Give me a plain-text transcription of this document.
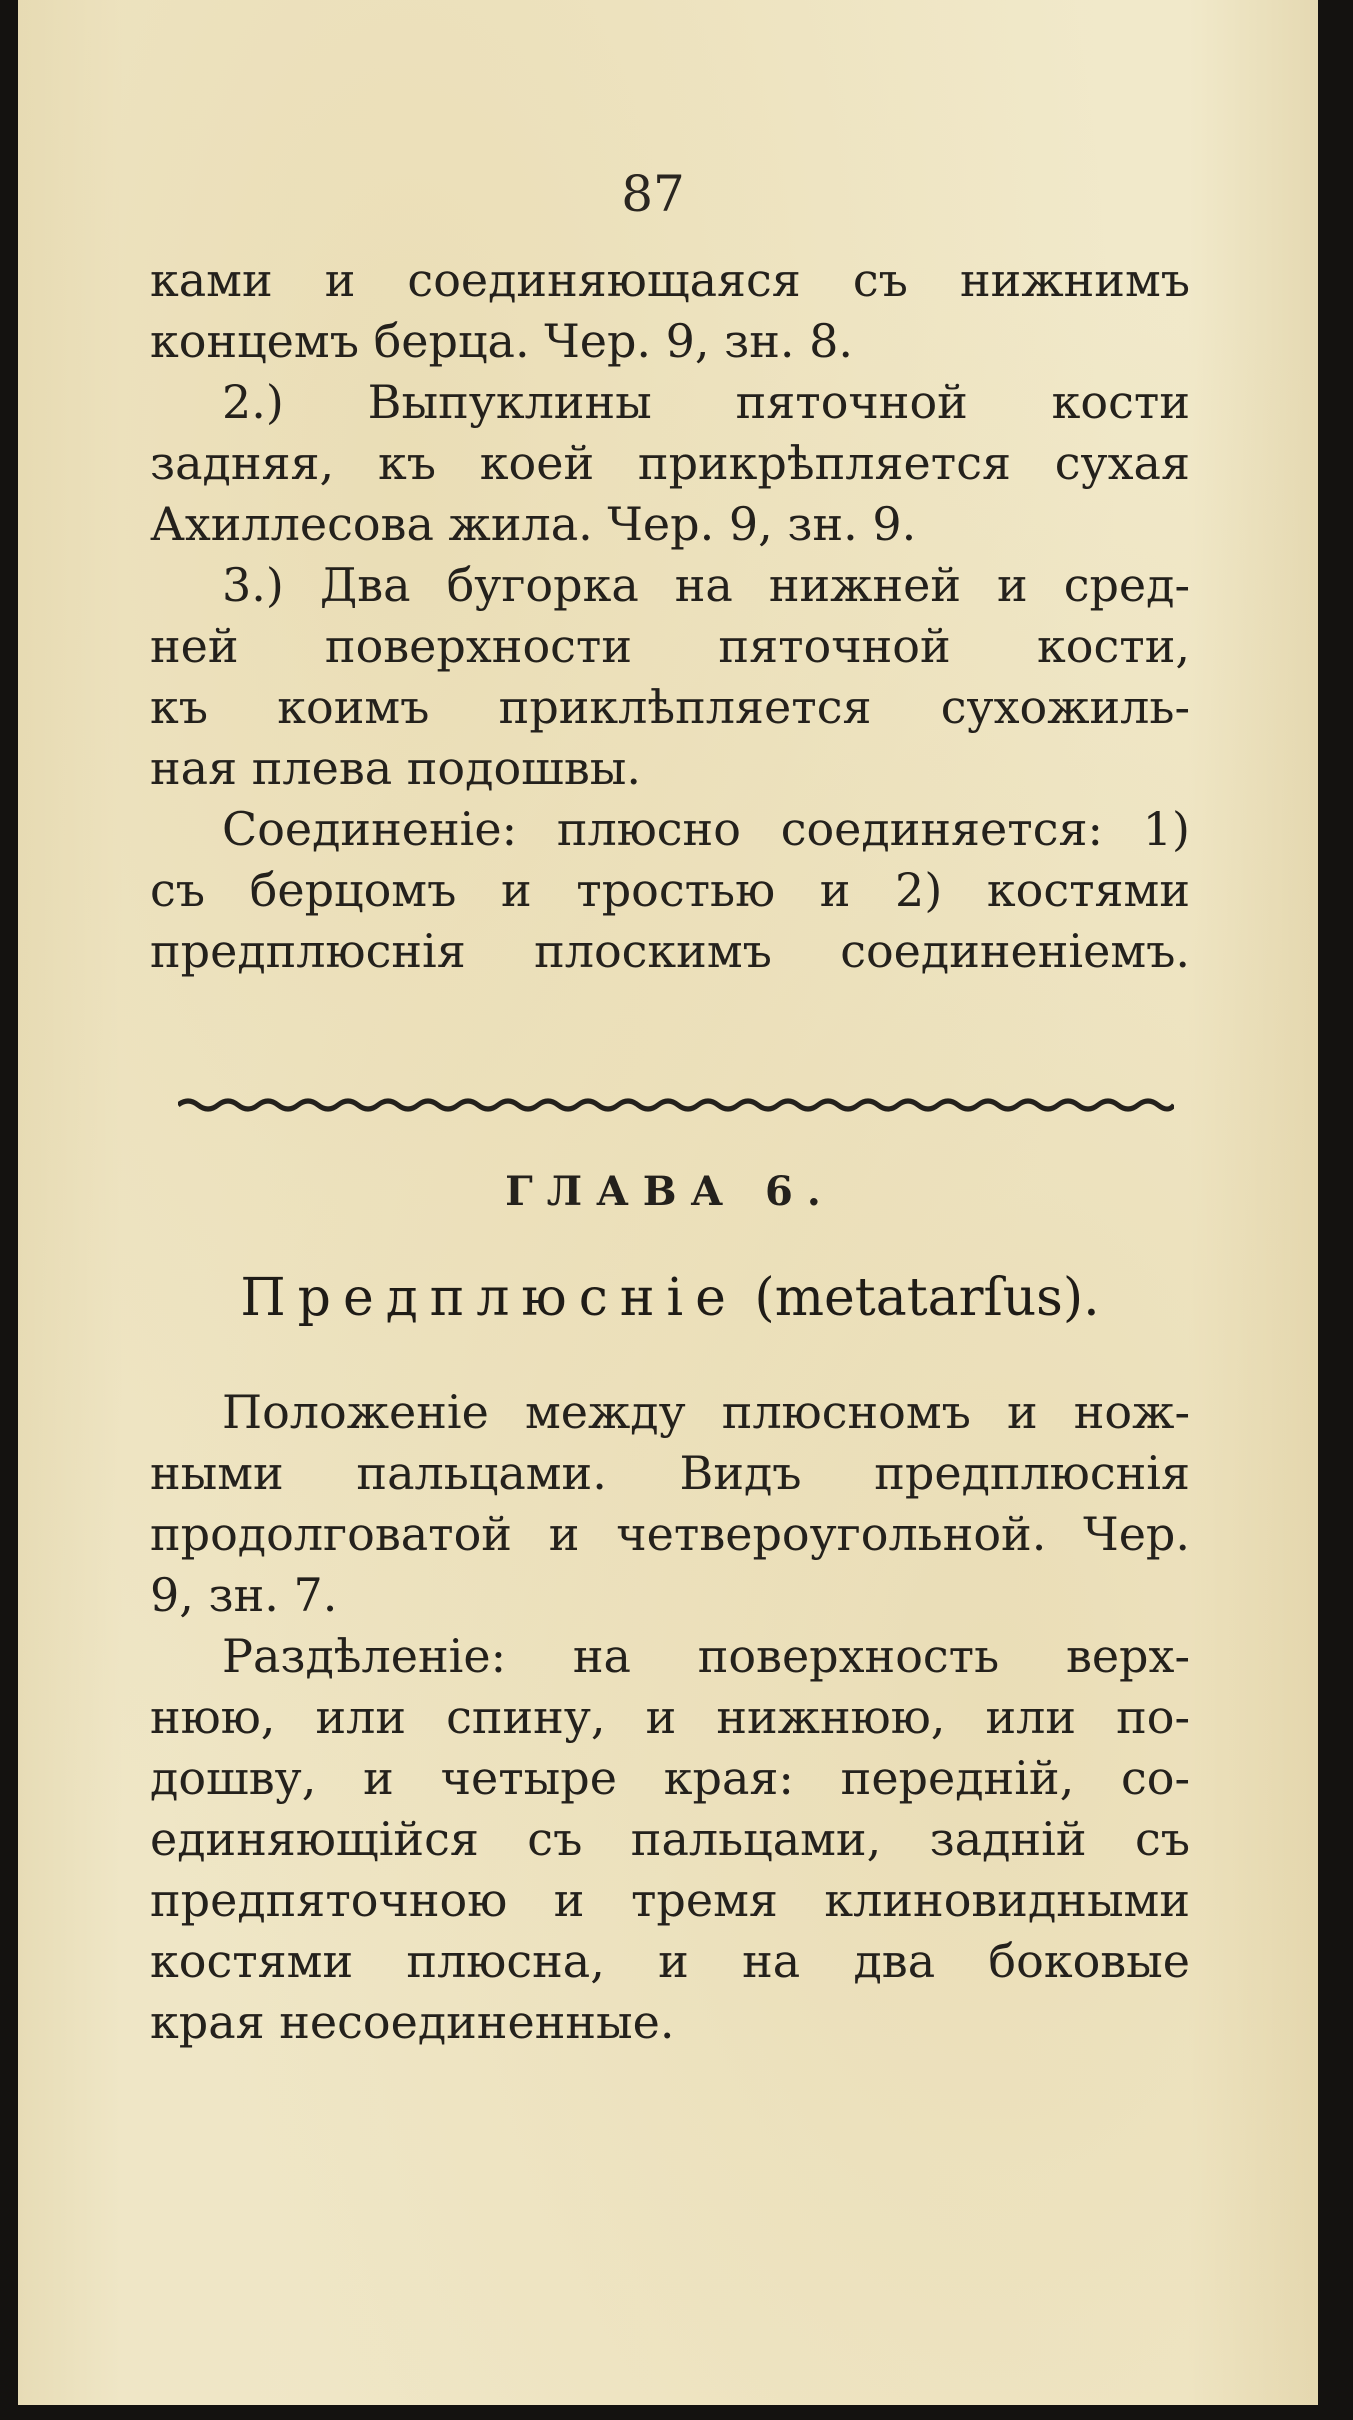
87
ками и соединяющаяся съ нижнимъ
концемъ берца. Чер. 9, зн. 8.
2.) Выпуклины пяточной кости
задняя, къ коей прикрѣпляется сухая
Ахиллесова жила. Чер. 9, зн. 9.
3.) Два бугорка на нижней и сред-
ней поверхности пяточной кости,
къ коимъ приклѣпляется сухожиль-
ная плева подошвы.
Соединеніе: плюсно соединяется: 1)
съ берцомъ и тростью и 2) костями
предплюснія плоскимъ соединеніемъ.
ГЛАВА 6.
Предплюсніе (metatarſus).
Положеніе между плюсномъ и нож-
ными пальцами. Видъ предплюснія
продолговатой и четвероугольной. Чер.
9, зн. 7.
Раздѣленіе: на поверхность верх-
нюю, или спину, и нижнюю, или по-
дошву, и четыре края: передній, со-
единяющійся съ пальцами, задній съ
предпяточною и тремя клиновидными
костями плюсна, и на два боковые
края несоединенные.
